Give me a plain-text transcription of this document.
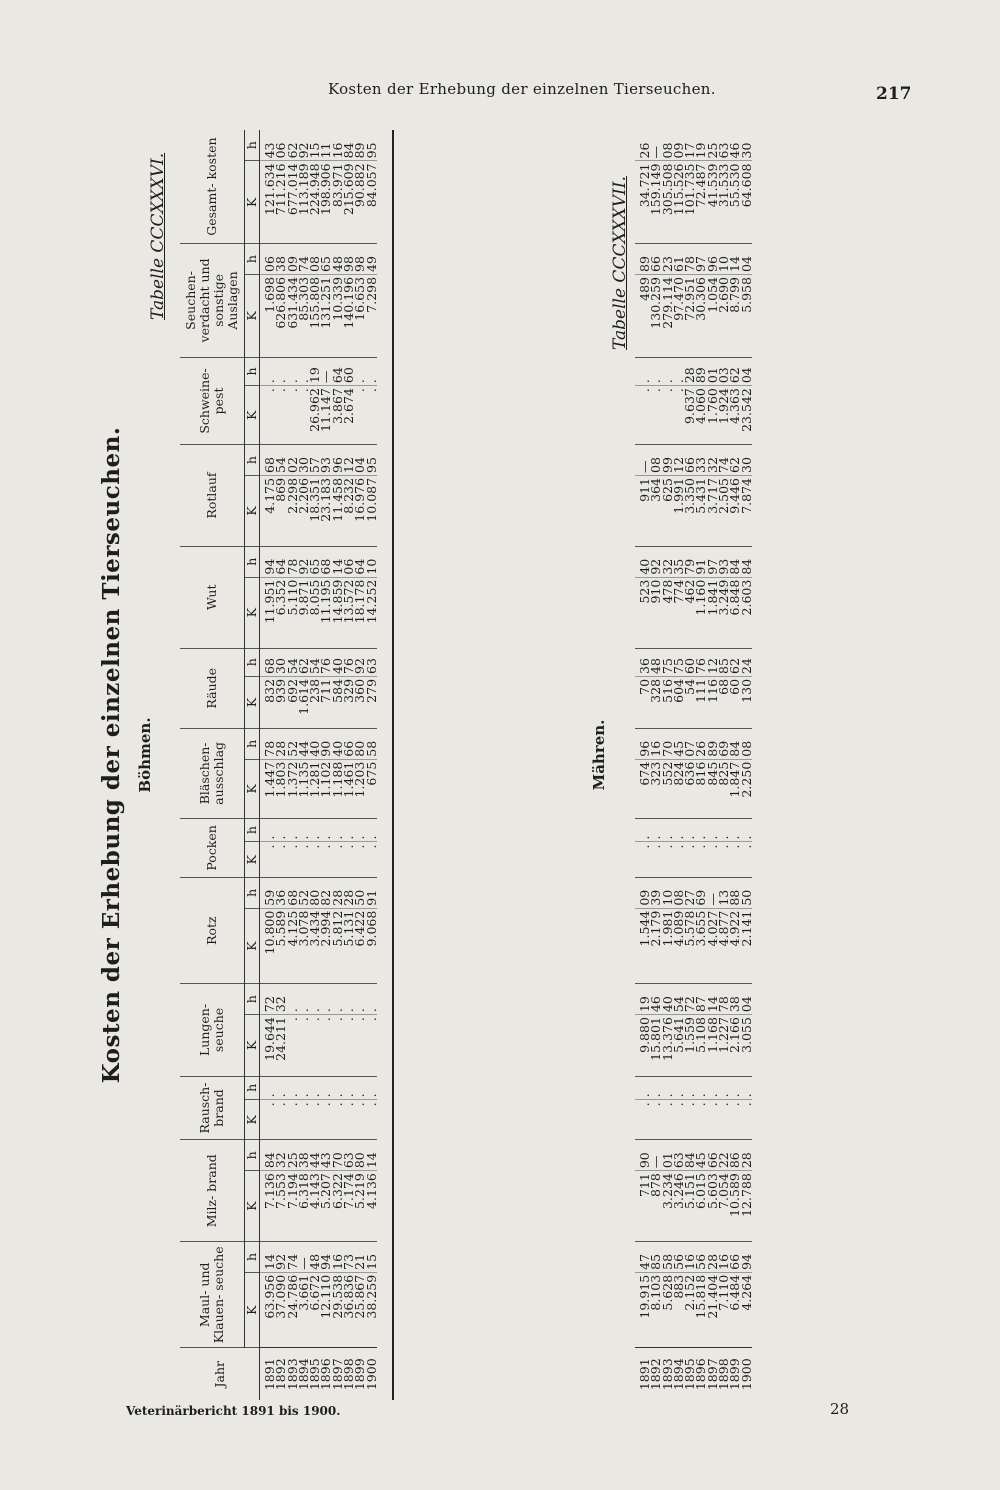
Kosten der Erhebung der einzelnen Tierseuchen.	217
Kosten der Erhebung der einzelnen Tierseuchen. Böhmen.
Tabelle CCCXXXVI.
Jahr	Maul- und Klauen- seuche		Milz- brand		Rausch- brand		Lungen- seuche		Rotz		Pocken		Bläschen- ausschlag		Räude		Wut		Rotlauf		Schweine- pest		Seuchen- verdacht und sonstige Auslagen		Gesamt- kosten	
	K	h	K	h	K	h	K	h	K	h	K	h	K	h	K	h	K	h	K	h	K	h	K	h	K	h
1891	63.956	14	7.136	84	.	.	19.644	72	10.800	59	.	.	1.447	78	832	68	11.951	94	4.175	68	.	.	1.698	06	121.634	43
1892	37.090	92	7.553	32	.	.	24.211	32	5.589	36	.	.	1.803	28	939	30	6.352	64	869	54	.	.	626.806	38	711.216	06
1893	24.786	74	7.194	25	.	.	.	.	4.125	68	.	.	1.372	52	692	54	5.110	78	2.298	02	.	.	631.434	09	677.014	62
1894	3.661	—	6.318	38	.	.	.	.	3.078	52	.	.	1.135	44	1.614	62	9.871	92	2.206	30	.	.	85.303	74	113.189	92
1895	6.672	48	4.143	44	.	.	.	.	3.434	80	.	.	1.281	40	238	54	8.055	65	18.351	57	26.962	19	155.808	08	224.948	15
1896	12.110	94	5.207	43	.	.	.	.	2.994	82	.	.	1.102	90	711	76	11.195	68	23.183	93	11.147	—	131.251	65	198.906	11
1897	29.538	16	6.322	70	.	.	.	.	5.812	28	.	.	1.188	40	584	40	14.859	14	11.458	96	3.867	64	10.339	48	83.971	16
1898	36.836	73	7.174	63	.	.	.	.	5.131	28	.	.	1.461	66	329	76	13.572	06	8.232	12	2.674	60	140.196	98	215.609	84
1899	25.867	21	5.219	80	.	.	.	.	6.422	50	.	.	1.203	80	360	92	18.178	64	16.976	04	.	.	16.653	98	90.882	89
1900	38.259	15	4.136	14	.	.	.	.	9.068	91	.	.	675	58	279	63	14.252	10	10.087	95	.	.	7.298	49	84.057	95
Mähren.
Tabelle CCCXXXVII.
1891	19.915	47	711	90	.	.	9.880	19	1.544	09	.	.	674	96	70	36	523	40	911	—	.	.	489	89	34.721	26
1892	8.103	85	878	—	.	.	15.801	46	2.179	39	.	.	323	16	328	48	910	92	364	08	.	.	130.259	66	159.149	—
1893	5.628	58	3.234	01	.	.	13.376	40	1.981	10	.	.	552	70	516	75	478	32	625	99	.	.	279.114	23	305.508	08
1894	883	56	3.246	63	.	.	5.641	54	4.089	08	.	.	824	45	604	75	774	35	1.991	12	.	.	97.470	61	115.526	09
1895	2.152	16	5.151	84	.	.	1.559	72	5.578	27	.	.	636	07	54	60	462	79	3.350	66	9.637	28	72.951	78	101.735	17
1896	15.818	56	6.015	45	.	.	5.108	87	3.655	69	.	.	816	26	111	76	1.160	91	5.431	33	4.060	89	30.306	97	72.487	19
1897	21.404	28	5.603	66	.	.	1.168	14	4.027	—	.	.	845	89	116	12	1.841	97	3.717	32	1.760	01	1.054	96	41.539	25
1898	7.110	16	7.054	22	.	.	1.227	78	4.877	13	.	.	825	69	68	85	3.249	93	2.505	74	1.924	03	2.690	10	31.533	63
1899	6.484	66	10.589	86	.	.	2.166	38	4.922	88	.	.	1.847	84	60	62	6.848	84	9.446	62	4.363	62	8.799	14	55.530	46
1900	4.264	94	12.788	28	.	.	3.055	04	2.141	50	.	.	2.250	08	130	24	2.603	84	7.874	30	23.542	04	5.958	04	64.608	30
Veterinärbericht 1891 bis 1900.	28
